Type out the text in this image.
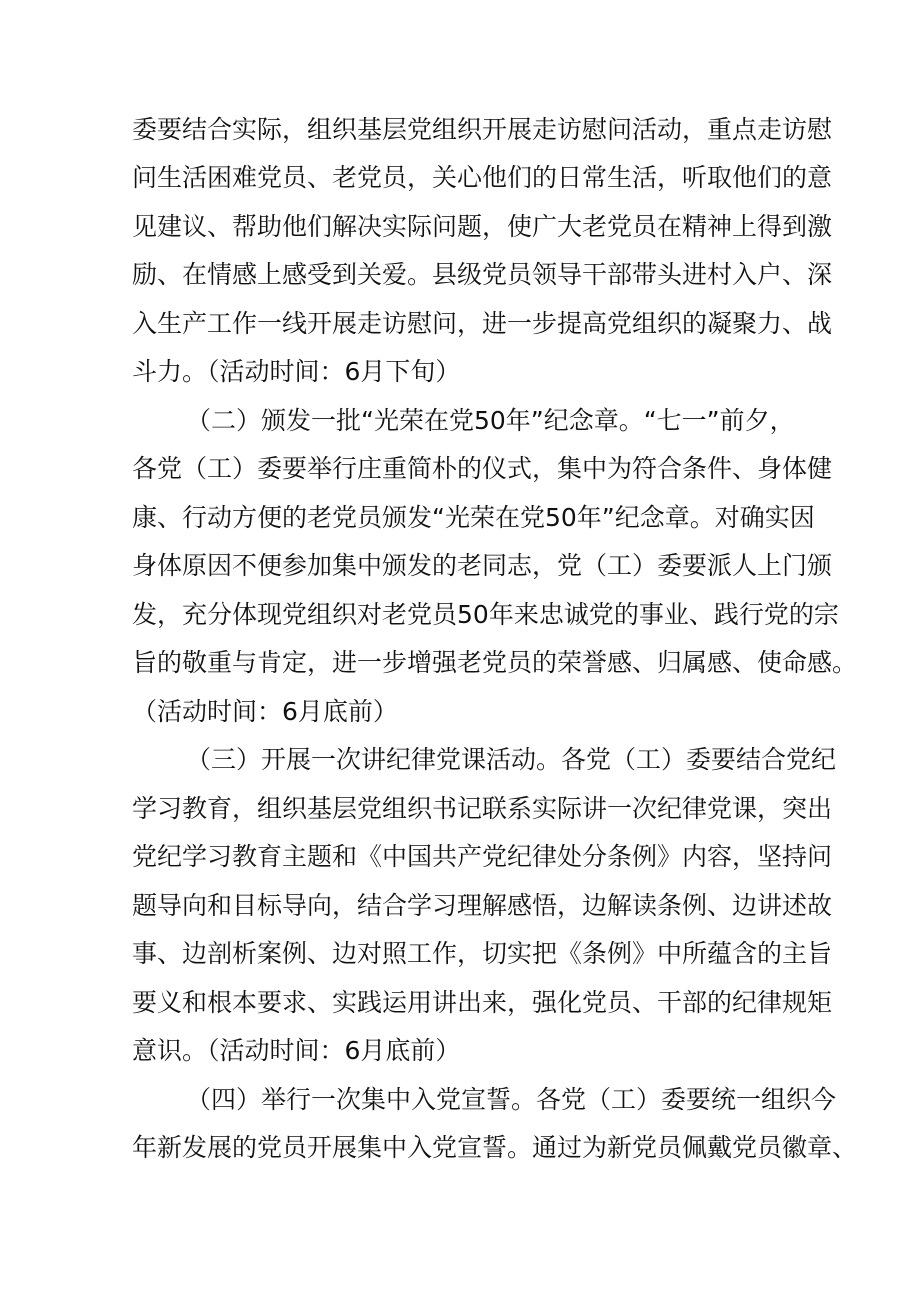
委要结合实际，组织基层党组织开展走访慰问活动，重点走访慰
问生活困难党员、老党员，关心他们的日常生活，听取他们的意
见建议、帮助他们解决实际问题，使广大老党员在精神上得到激
励、在情感上感受到关爱。县级党员领导干部带头进村入户、深
入生产工作一线开展走访慰问，进一步提高党组织的凝聚力、战
斗力。（活动时间：6月下旬）
（二）颁发一批“光荣在党50年”纪念章。“七一”前夕，
各党（工）委要举行庄重简朴的仪式，集中为符合条件、身体健
康、行动方便的老党员颁发“光荣在党50年”纪念章。对确实因
身体原因不便参加集中颁发的老同志，党（工）委要派人上门颁
发，充分体现党组织对老党员50年来忠诚党的事业、践行党的宗
旨的敬重与肯定，进一步增强老党员的荣誉感、归属感、使命感。
（活动时间：6月底前）
（三）开展一次讲纪律党课活动。各党（工）委要结合党纪
学习教育，组织基层党组织书记联系实际讲一次纪律党课，突出
党纪学习教育主题和《中国共产党纪律处分条例》内容，坚持问
题导向和目标导向，结合学习理解感悟，边解读条例、边讲述故
事、边剖析案例、边对照工作，切实把《条例》中所蕴含的主旨
要义和根本要求、实践运用讲出来，强化党员、干部的纪律规矩
意识。（活动时间：6月底前）
（四）举行一次集中入党宣誓。各党（工）委要统一组织今
年新发展的党员开展集中入党宣誓。通过为新党员佩戴党员徽章、
